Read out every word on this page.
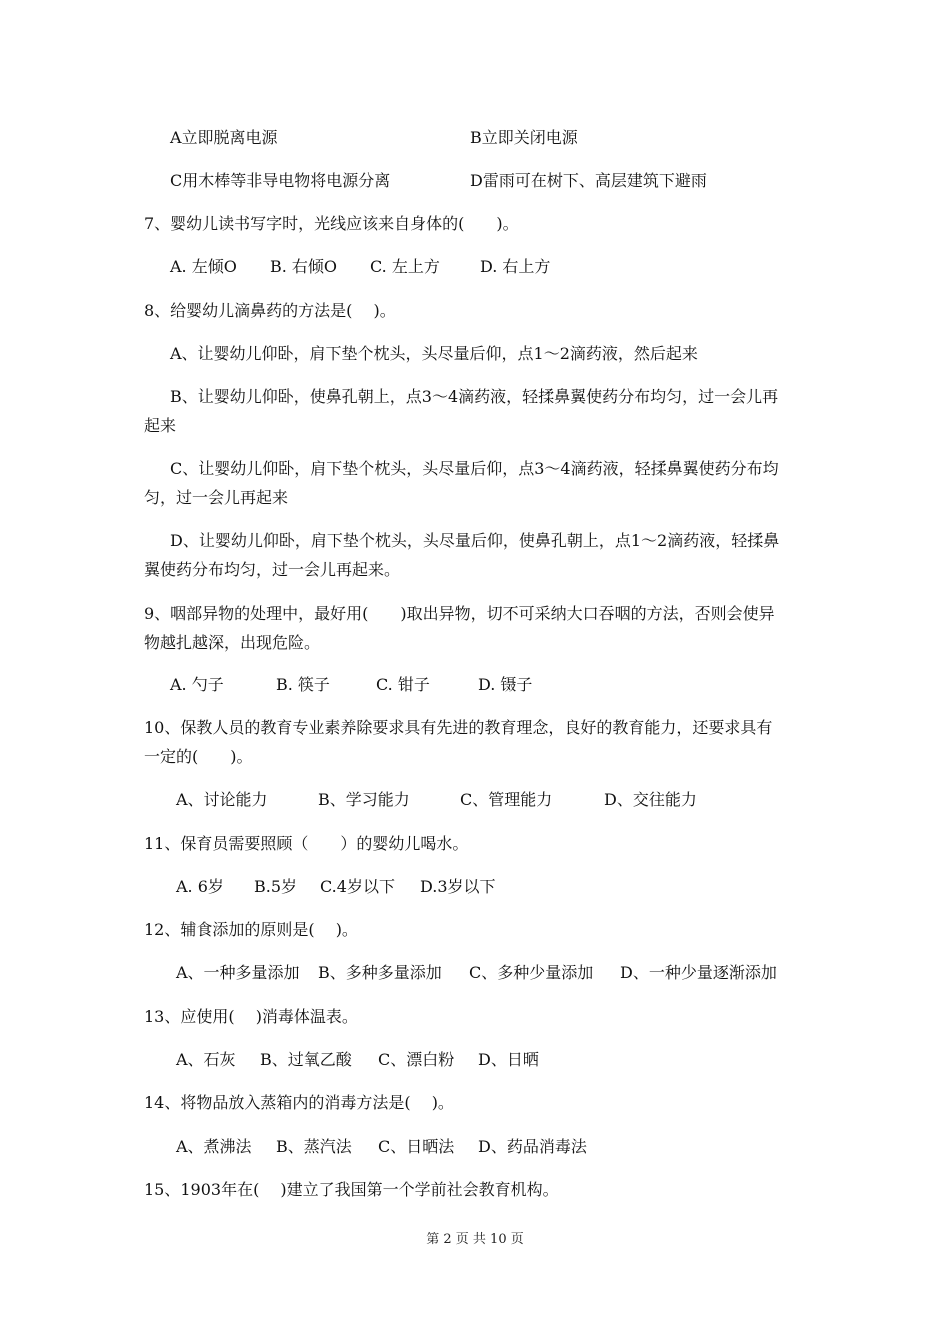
A立即脱离电源	B立即关闭电源
C用木棒等非导电物将电源分离	D雷雨可在树下、高层建筑下避雨
7、婴幼儿读书写字时，光线应该来自身体的(　　)。
A. 左倾O B. 右倾O C. 左上方	D. 右上方
8、给婴幼儿滴鼻药的方法是(　 )。
A、让婴幼儿仰卧，肩下垫个枕头，头尽量后仰，点1～2滴药液，然后起来
B、让婴幼儿仰卧，使鼻孔朝上，点3～4滴药液，轻揉鼻翼使药分布均匀，过一会儿再
起来
C、让婴幼儿仰卧，肩下垫个枕头，头尽量后仰，点3～4滴药液，轻揉鼻翼使药分布均
匀，过一会儿再起来
D、让婴幼儿仰卧，肩下垫个枕头，头尽量后仰，使鼻孔朝上，点1～2滴药液，轻揉鼻
翼使药分布均匀，过一会儿再起来。
9、咽部异物的处理中，最好用(　　)取出异物，切不可采纳大口吞咽的方法，否则会使异
物越扎越深，出现危险。
A. 勺子	B. 筷子	C. 钳子	D. 镊子
10、保教人员的教育专业素养除要求具有先进的教育理念，良好的教育能力，还要求具有
一定的(　　)。
A、讨论能力	B、学习能力	C、管理能力	D、交往能力
11、保育员需要照顾（　　）的婴幼儿喝水。
A. 6岁 B.5岁 C.4岁以下 D.3岁以下
12、辅食添加的原则是(　 )。
A、一种多量添加 B、多种多量添加 C、多种少量添加 D、一种少量逐渐添加
13、应使用(　 )消毒体温表。
A、石灰 B、过氧乙酸 C、漂白粉 D、日晒
14、将物品放入蒸箱内的消毒方法是(　 )。
A、煮沸法 B、蒸汽法 C、日晒法 D、药品消毒法
15、1903年在(　 )建立了我国第一个学前社会教育机构。
第 2 页 共 10 页
